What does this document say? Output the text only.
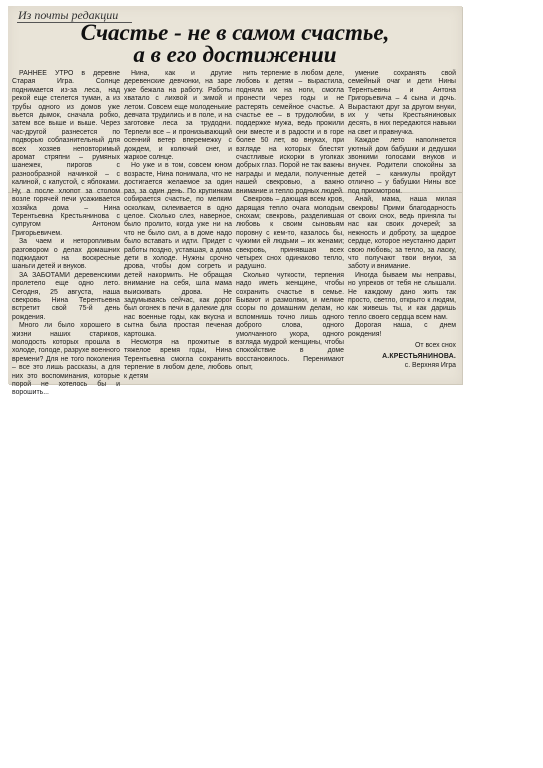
Из почты редакции
Счастье - не в самом счастье,
а в его достижении

РАННЕЕ УТРО в деревне Старая Игра. Солнце поднимается из-за леса, над рекой еще стелется туман, а из трубы одного из домов уже вьется дымок, сначала робко, затем все выше и выше. Через час-другой разнесется по подворью соблазнительный для всех хозяев неповторимый аромат стряпни – румяных шанежек, пирогов с разнообразной начинкой – с калиной, с капустой, с яблоками. Ну, а после хлопот за столом возле горячей печи усаживается хозяйка дома – Нина Терентьевна Крестьянинова с супругом Антоном Григорьевичем.

За чаем и неторопливым разговором о делах домашних поджидают на воскресные шаньги детей и внуков.

ЗА ЗАБОТАМИ деревенскими пролетело еще одно лето. Сегодня, 25 августа, наша свекровь Нина Терентьевна встретит свой 75-й день рождения.

Много ли было хорошего в жизни наших стариков, молодость которых прошла в холоде, голоде, разрухе военного времени? Для не того поколения – все это лишь рассказы, а для них это воспоминания, которые порой не хотелось бы и ворошить...

Нина, как и другие деревенские девчонки, на заре уже бежала на работу. Работы хватало с лихвой и зимой и летом. Совсем еще молоденькие девчата трудились и в поле, и на заготовке леса за трудодни. Терпели все – и пронизывающий осенний ветер вперемежку с дождем, и колючий снег, и жаркое солнце.

Но уже и в том, совсем юном возрасте, Нина понимала, что не достигается желаемое за один раз, за один день. По крупинкам собирается счастье, по мелким осколкам, склеивается в одно целое. Сколько слез, наверное, было пролито, когда уже ни на что не было сил, а в доме надо было вставать и идти. Придет с работы поздно, уставшая, а дома дети в холоде. Нужны срочно дрова, чтобы дом согреть и детей накормить. Не обращая внимание на себя, шла мама выискивать дрова. Не задумываясь сейчас, как дорог был огонек в печи в далекие для нас военные годы, как вкусна и сытна была простая печеная картошка.

Несмотря на прожитые в тяжелое время годы, Нина Терентьевна смогла сохранить терпение в любом деле, любовь к детям

нить терпение в любом деле, любовь к детям – вырастила, подняла их на ноги, смогла пронести через годы и не растерять семейное счастье. А счастье ее – в трудолюбии, в поддержке мужа, ведь прожили они вместе и в радости и в горе более 50 лет, во внуках, при взгляде на которых блестят счастливые искорки в уголках добрых глаз. Порой не так важны награды и медали, полученные нашей свекровью, а важно внимание и тепло родных людей.

Свекровь – дающая всем кров, дарящая тепло очага молодым снохам; свекровь, разделившая любовь к своим сыновьям поровну с кем-то, казалось бы, чужими ей людьми – их женами; свекровь, принявшая всех четырех снох одинаково тепло, радушно.

Сколько чуткости, терпения надо иметь женщине, чтобы сохранить счастье в семье. Бывают и размолвки, и мелкие ссоры по домашним делам, но вспомнишь точно лишь одного доброго слова, одного умолчанного укора, одного взгляда мудрой женщины, чтобы спокойствие в доме восстановилось. Перенимают опыт,

умение сохранять свой семейный очаг и дети Нины Терентьевны и Антона Григорьевича – 4 сына и дочь. Вырастают друг за другом внуки, их у четы Крестьяниновых десять, в них передаются навыки на свет и правнучка.

Каждое лето наполняется уютный дом бабушки и дедушки звонкими голосами внуков и внучек. Родители спокойны за детей – каникулы пройдут отлично – у бабушки Нины все под присмотром.

Анай, мама, наша милая свекровь! Прими благодарность от своих снох, ведь приняла ты нас как своих дочерей; за нежность и доброту, за щедрое сердце, которое неустанно дарит свою любовь; за тепло, за ласку, что получают твои внуки, за заботу и внимание.

Иногда бываем мы неправы, но упреков от тебя не слышали. Не каждому дано жить так просто, светло, открыто к людям, как живешь ты, и как даришь тепло своего сердца всем нам.

Дорогая наша, с днем рождения!

От всех снох

А.КРЕСТЬЯНИНОВА.

с. Верхняя Игра
